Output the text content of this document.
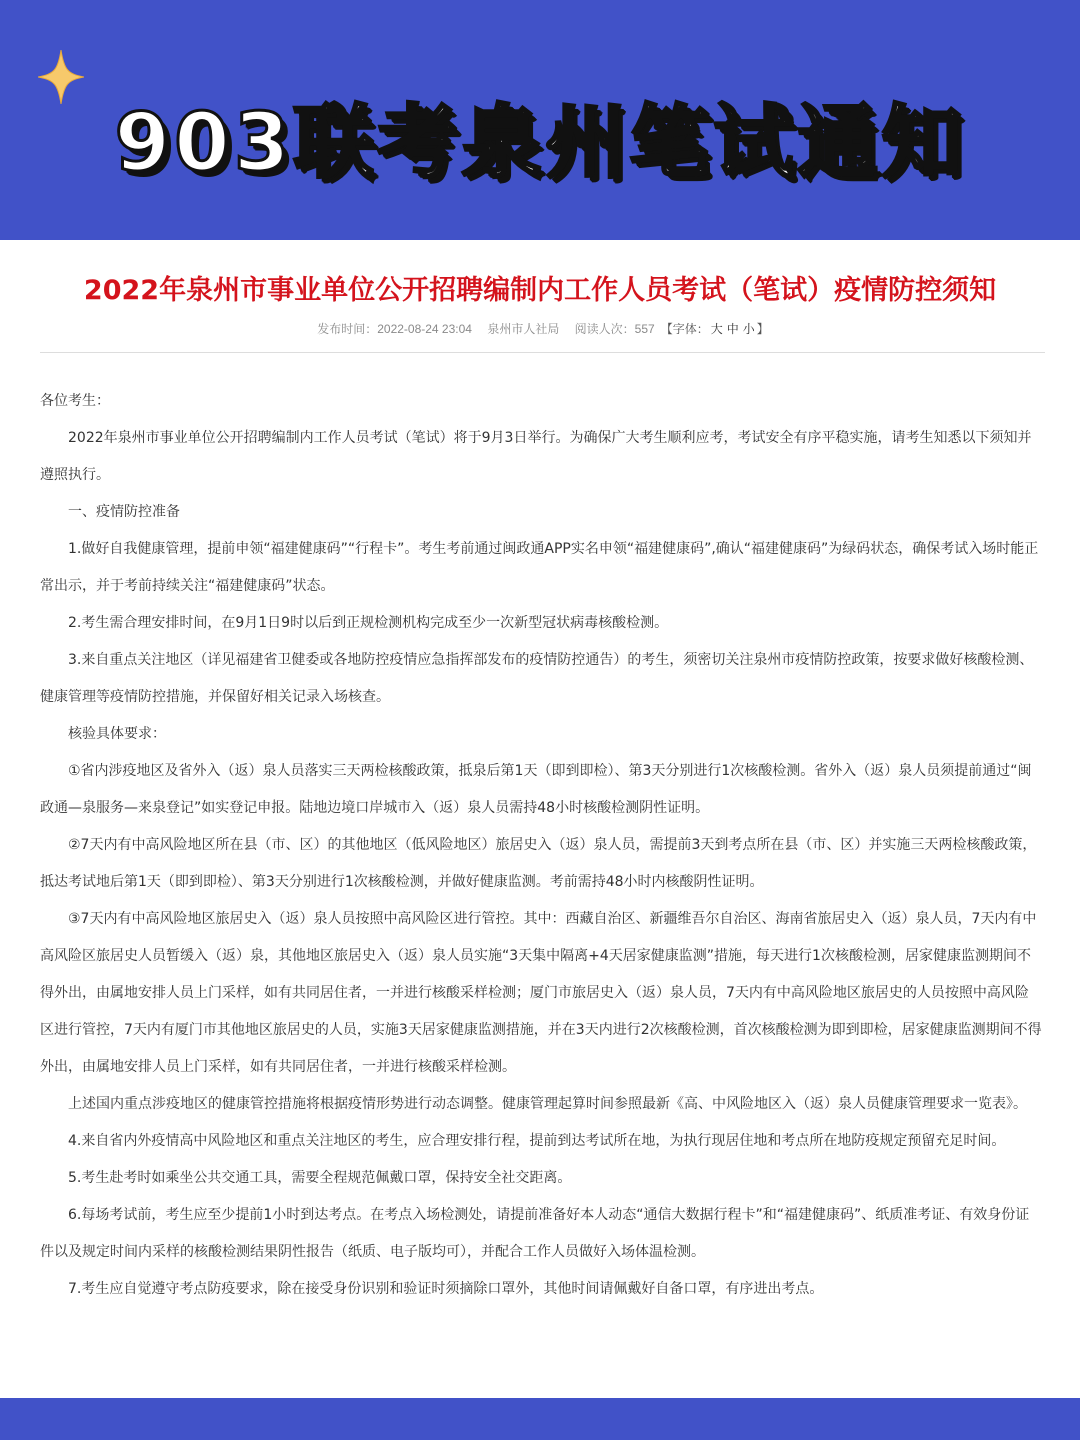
903联考泉州笔试通知
2022年泉州市事业单位公开招聘编制内工作人员考试（笔试）疫情防控须知
发布时间：2022-08-24 23:04 泉州市人社局 阅读人次：557 【字体： 大 中 小 】

各位考生：

2022年泉州市事业单位公开招聘编制内工作人员考试（笔试）将于9月3日举行。为确保广大考生顺利应考，考试安全有序平稳实施，请考生知悉以下须知并遵照执行。

一、疫情防控准备

1.做好自我健康管理，提前申领“福建健康码”“行程卡”。考生考前通过闽政通APP实名申领“福建健康码”,确认“福建健康码”为绿码状态，确保考试入场时能正常出示，并于考前持续关注“福建健康码”状态。

2.考生需合理安排时间，在9月1日9时以后到正规检测机构完成至少一次新型冠状病毒核酸检测。

3.来自重点关注地区（详见福建省卫健委或各地防控疫情应急指挥部发布的疫情防控通告）的考生，须密切关注泉州市疫情防控政策，按要求做好核酸检测、健康管理等疫情防控措施，并保留好相关记录入场核查。

核验具体要求：

①省内涉疫地区及省外入（返）泉人员落实三天两检核酸政策，抵泉后第1天（即到即检）、第3天分别进行1次核酸检测。省外入（返）泉人员须提前通过“闽政通—泉服务—来泉登记”如实登记申报。陆地边境口岸城市入（返）泉人员需持48小时核酸检测阴性证明。

②7天内有中高风险地区所在县（市、区）的其他地区（低风险地区）旅居史入（返）泉人员，需提前3天到考点所在县（市、区）并实施三天两检核酸政策，抵达考试地后第1天（即到即检）、第3天分别进行1次核酸检测，并做好健康监测。考前需持48小时内核酸阴性证明。

③7天内有中高风险地区旅居史入（返）泉人员按照中高风险区进行管控。其中：西藏自治区、新疆维吾尔自治区、海南省旅居史入（返）泉人员，7天内有中高风险区旅居史人员暂缓入（返）泉，其他地区旅居史入（返）泉人员实施“3天集中隔离+4天居家健康监测”措施，每天进行1次核酸检测，居家健康监测期间不得外出，由属地安排人员上门采样，如有共同居住者，一并进行核酸采样检测；厦门市旅居史入（返）泉人员，7天内有中高风险地区旅居史的人员按照中高风险区进行管控，7天内有厦门市其他地区旅居史的人员，实施3天居家健康监测措施，并在3天内进行2次核酸检测，首次核酸检测为即到即检，居家健康监测期间不得外出，由属地安排人员上门采样，如有共同居住者，一并进行核酸采样检测。

上述国内重点涉疫地区的健康管控措施将根据疫情形势进行动态调整。健康管理起算时间参照最新《高、中风险地区入（返）泉人员健康管理要求一览表》。

4.来自省内外疫情高中风险地区和重点关注地区的考生，应合理安排行程，提前到达考试所在地，为执行现居住地和考点所在地防疫规定预留充足时间。

5.考生赴考时如乘坐公共交通工具，需要全程规范佩戴口罩，保持安全社交距离。

6.每场考试前，考生应至少提前1小时到达考点。在考点入场检测处，请提前准备好本人动态“通信大数据行程卡”和“福建健康码”、纸质准考证、有效身份证件以及规定时间内采样的核酸检测结果阴性报告（纸质、电子版均可），并配合工作人员做好入场体温检测。

7.考生应自觉遵守考点防疫要求，除在接受身份识别和验证时须摘除口罩外，其他时间请佩戴好自备口罩，有序进出考点。
